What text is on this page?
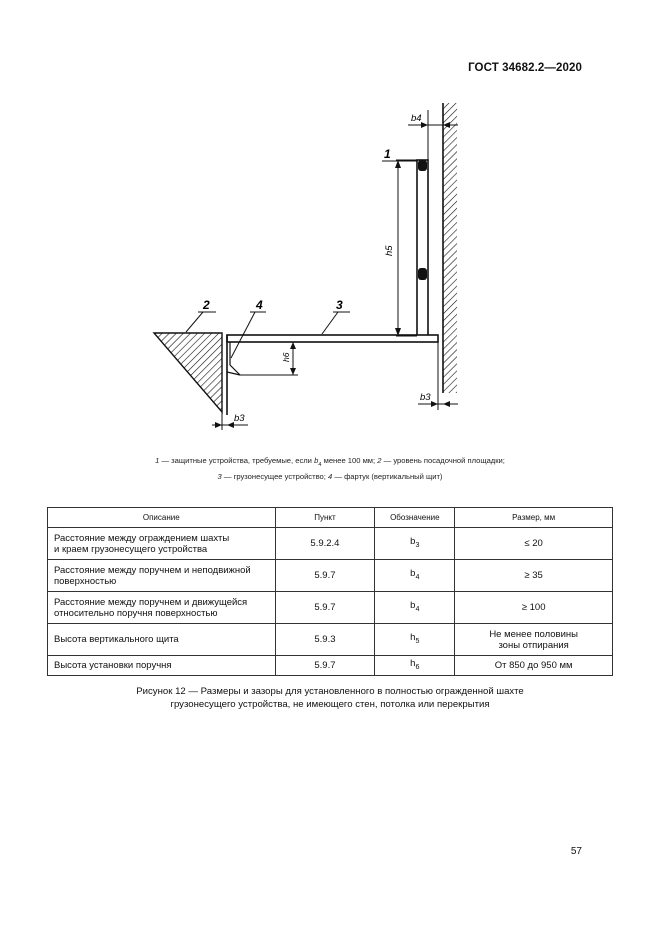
ГОСТ 34682.2—2020
b4
h5
h6
b3
b3
1
2	3
4
1 — защитные устройства, требуемые, если $b_4$ менее 100 мм; 2 — уровень посадочной площадки;
3 — грузонесущее устройство; 4 — фартук (вертикальный щит)
Описание	Пункт	Обозначение	Размер, мм
Расстояние между ограждением шахты
и краем грузонесущего устройства	5.9.2.4	$b_3$	≤ 20
Расстояние между поручнем и неподвижной
поверхностью	5.9.7	$b_4$	≥ 35
Расстояние между поручнем и движущейся
относительно поручня поверхностью	5.9.7	$b_4$	≥ 100
Высота вертикального щита	5.9.3	$h_5$	Не менее половины
зоны отпирания
Высота установки поручня	5.9.7	$h_6$	От 850 до 950 мм
Рисунок 12 — Размеры и зазоры для установленного в полностью огражденной шахте
грузонесущего устройства, не имеющего стен, потолка или перекрытия
57
